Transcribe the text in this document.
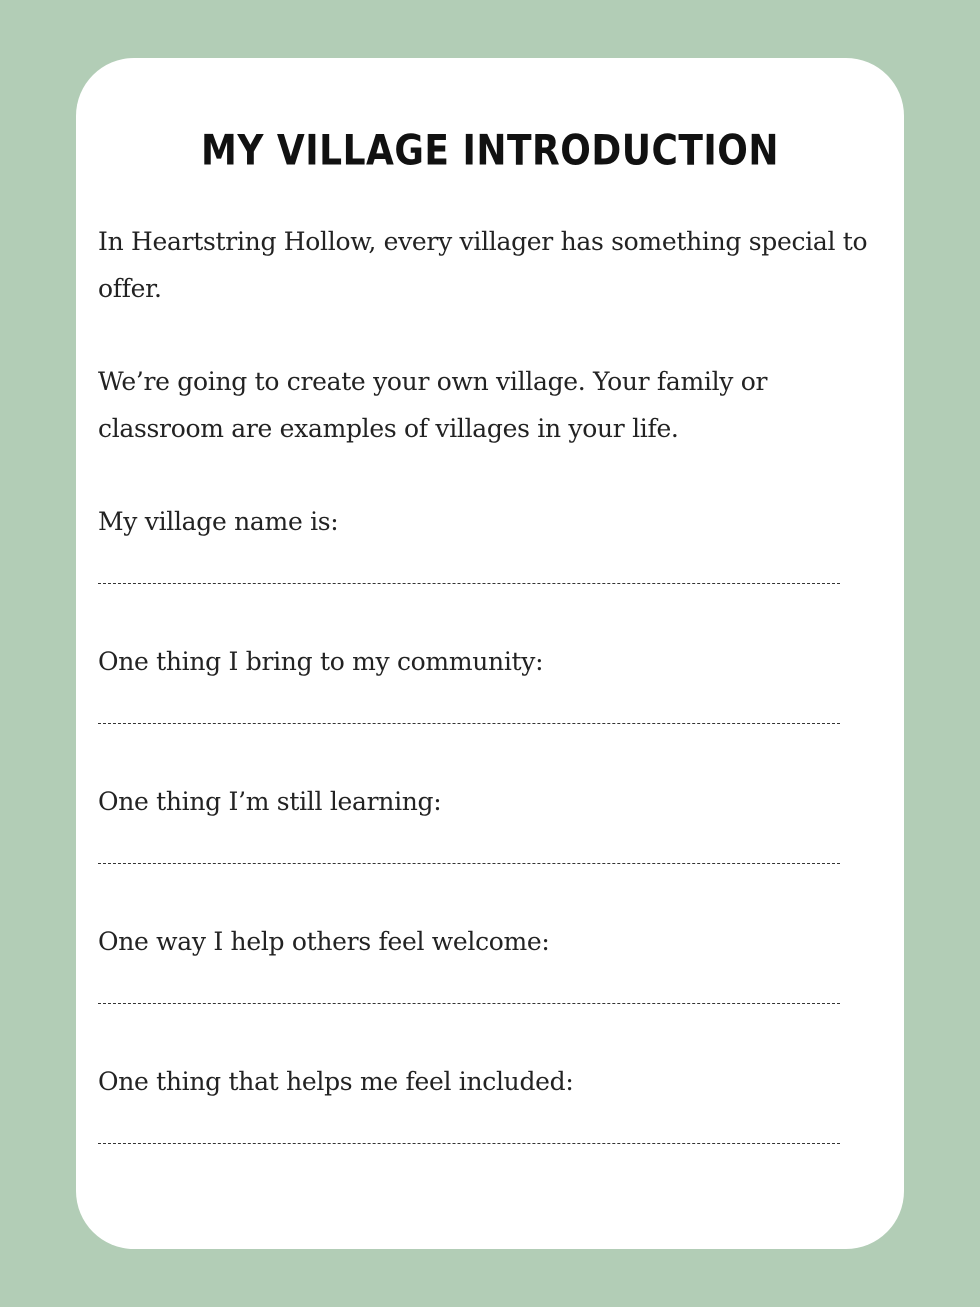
MY VILLAGE INTRODUCTION

In Heartstring Hollow, every villager has something special to offer.

We’re going to create your own village. Your family or classroom are examples of villages in your life.

My village name is:

One thing I bring to my community:

One thing I’m still learning:

One way I help others feel welcome:

One thing that helps me feel included:
